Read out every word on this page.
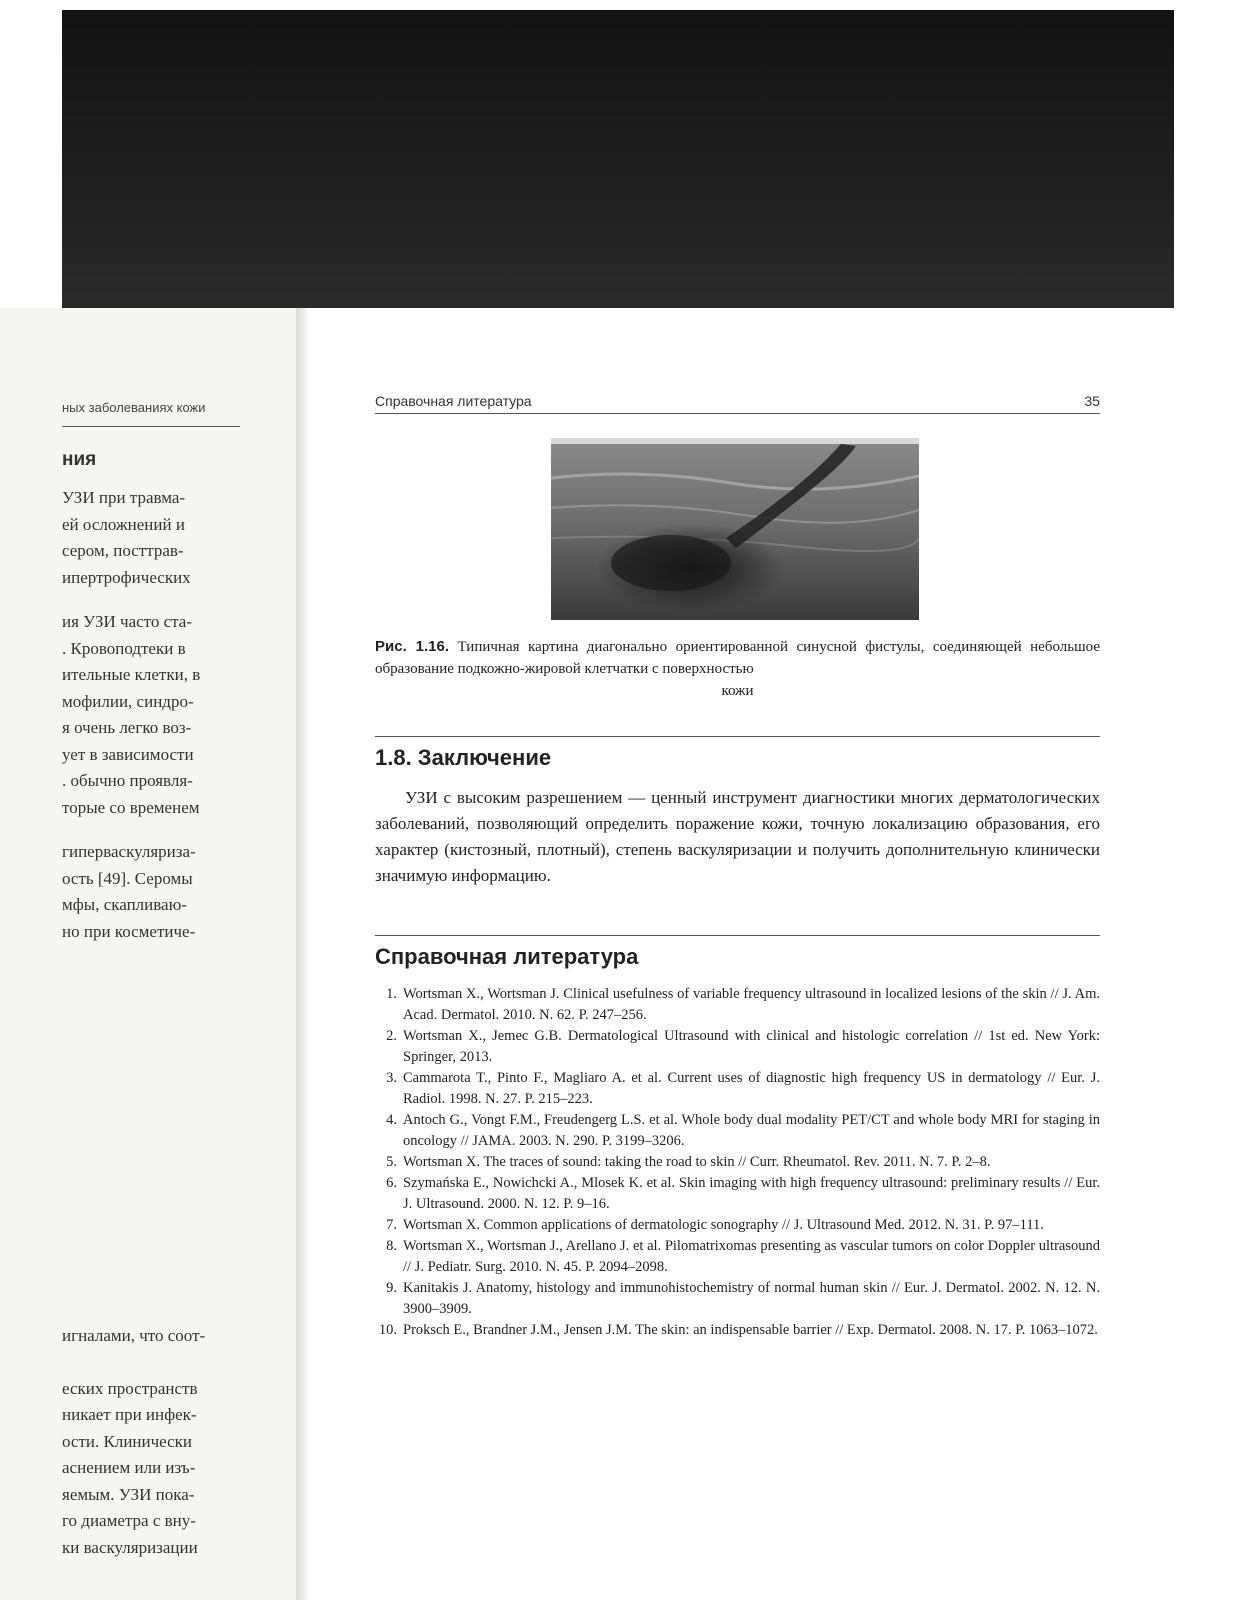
ных заболеваниях кожи
ния
УЗИ при травма-
ей осложнений и
сером, посттрав-
ипертрофических
ия УЗИ часто ста-
. Кровоподтеки в
ительные клетки, в
мофилии, синдро-
я очень легко воз-
ует в зависимости
. обычно проявля-
торые со временем
гиперваскуляриза-
ость [49]. Серомы
мфы, скапливаю-
но при косметиче-
игналами, что соот-
еских пространств
никает при инфек-
ости. Клинически
аснением или изъ-
яемым. УЗИ пока-
го диаметра с вну-
ки васкуляризации
Справочная литература	35
Рис. 1.16. Типичная картина диагонально ориентированной синусной фистулы, соединяющей небольшое образование подкожно-жировой клетчатки с поверхностью
кожи
1.8. Заключение

УЗИ с высоким разрешением — ценный инструмент диагностики многих дерматологических заболеваний, позволяющий определить поражение кожи, точную локализацию образования, его характер (кистозный, плотный), степень васкуляризации и получить дополнительную клинически значимую информацию.

Справочная литература
1. Wortsman X., Wortsman J. Clinical usefulness of variable frequency ultrasound in localized lesions of the skin // J. Am. Acad. Dermatol. 2010. N. 62. P. 247–256.
2. Wortsman X., Jemec G.B. Dermatological Ultrasound with clinical and histologic correlation // 1st ed. New York: Springer, 2013.
3. Cammarota T., Pinto F., Magliaro A. et al. Current uses of diagnostic high frequency US in dermatology // Eur. J. Radiol. 1998. N. 27. P. 215–223.
4. Antoch G., Vongt F.M., Freudengerg L.S. et al. Whole body dual modality PET/CT and whole body MRI for staging in oncology // JAMA. 2003. N. 290. P. 3199–3206.
5. Wortsman X. The traces of sound: taking the road to skin // Curr. Rheumatol. Rev. 2011. N. 7. P. 2–8.
6. Szymańska E., Nowichcki A., Mlosek K. et al. Skin imaging with high frequency ultrasound: preliminary results // Eur. J. Ultrasound. 2000. N. 12. P. 9–16.
7. Wortsman X. Common applications of dermatologic sonography // J. Ultrasound Med. 2012. N. 31. P. 97–111.
8. Wortsman X., Wortsman J., Arellano J. et al. Pilomatrixomas presenting as vascular tumors on color Doppler ultrasound // J. Pediatr. Surg. 2010. N. 45. P. 2094–2098.
9. Kanitakis J. Anatomy, histology and immunohistochemistry of normal human skin // Eur. J. Dermatol. 2002. N. 12. N. 3900–3909.
10. Proksch E., Brandner J.M., Jensen J.M. The skin: an indispensable barrier // Exp. Dermatol. 2008. N. 17. P. 1063–1072.
